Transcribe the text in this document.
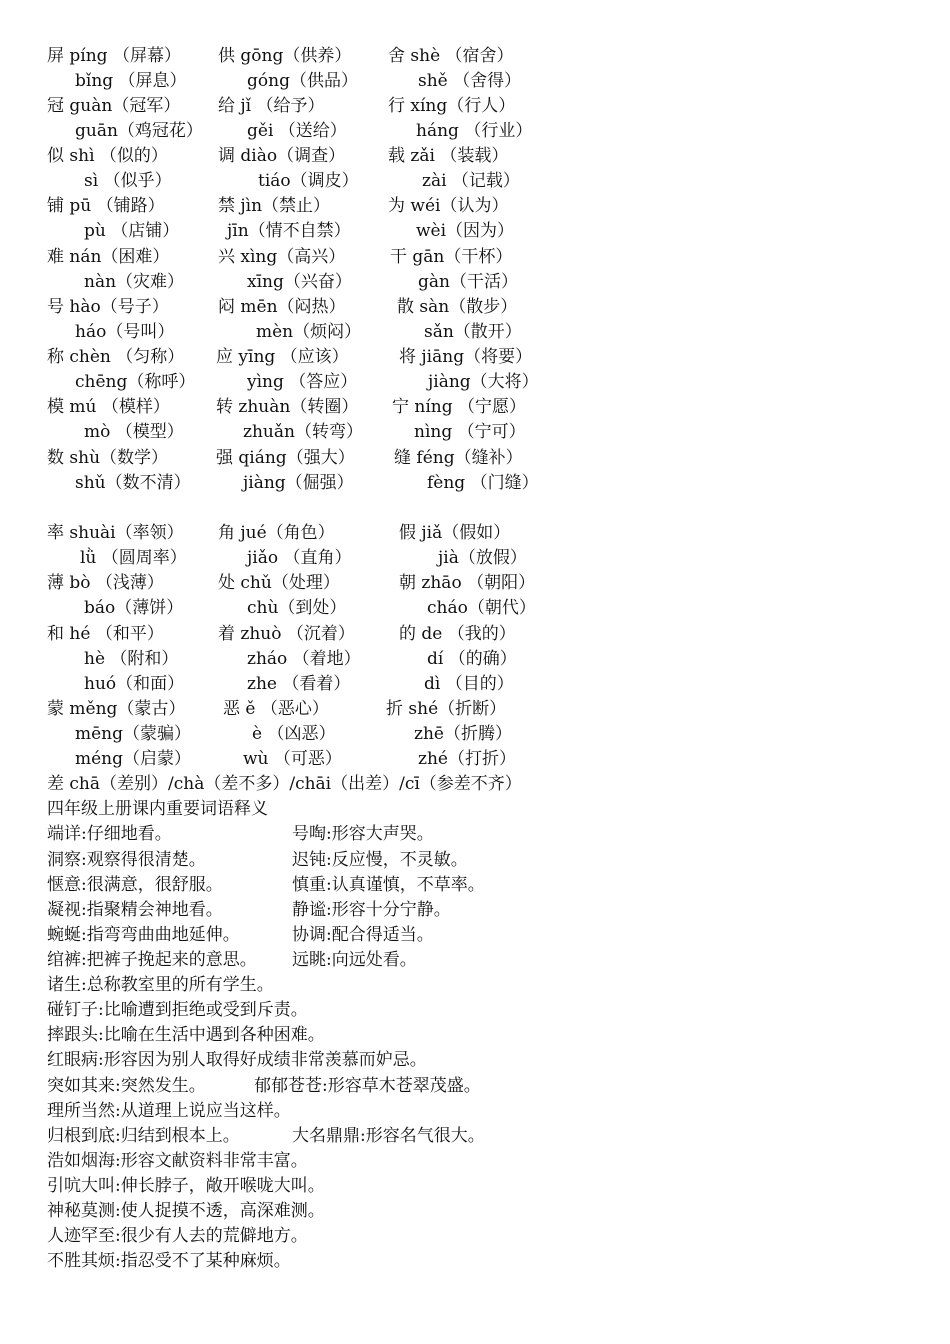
屏 píng （屏幕） 供 gōng（供养） 舍 shè （宿舍）
bǐng （屏息）	góng（供品）	shě （舍得）
冠 guàn（冠军） 给 jǐ （给予）	行 xíng（行人）
guān（鸡冠花）	gěi （送给）	háng （行业）
似 shì （似的）	调 diào（调查）	载 zǎi （装载）
sì （似乎）	tiáo（调皮）	zài （记载）
铺 pū （铺路）	禁 jìn（禁止）	为 wéi（认为）
pù （店铺）	jīn（情不自禁）	wèi（因为）
难 nán（困难）	兴 xìng（高兴）	干 gān（干杯）
nàn（灾难）	xīng（兴奋）	gàn（干活）
号 hào（号子）	闷 mēn（闷热）	散 sàn（散步）
háo（号叫）	mèn（烦闷）	sǎn（散开）
称 chèn （匀称） 应 yīng （应该）	将 jiāng（将要）
chēng（称呼）	yìng （答应）	jiàng（大将）
模 mú （模样）	转 zhuàn（转圈） 宁 níng （宁愿）
mò （模型）	zhuǎn（转弯）	nìng （宁可）
数 shù（数学）	强 qiáng（强大） 缝 féng（缝补）
shǔ（数不清）	jiàng（倔强）	fèng （门缝）
率 shuài（率领） 角 jué（角色）	假 jiǎ（假如）
lǜ （圆周率）	jiǎo （直角）	jià（放假）
薄 bò （浅薄）	处 chǔ（处理）	朝 zhāo （朝阳）
báo（薄饼）	chù（到处）	cháo（朝代）
和 hé （和平）	着 zhuò （沉着）	的 de （我的）
hè （附和）	zháo （着地）	dí （的确）
huó（和面）	zhe （看着）	dì （目的）
蒙 měng（蒙古） 恶 ě （恶心）	折 shé（折断）
mēng（蒙骗）	è （凶恶）	zhē（折腾）
méng（启蒙）	wù （可恶）	zhé（打折）
差 chā（差别）/chà（差不多）/chāi（出差）/cī（参差不齐）
四年级上册课内重要词语释义
端详:仔细地看。	号啕:形容大声哭。
洞察:观察得很清楚。	迟钝:反应慢，不灵敏。
惬意:很满意，很舒服。	慎重:认真谨慎，不草率。
凝视:指聚精会神地看。	静谧:形容十分宁静。
蜿蜒:指弯弯曲曲地延伸。	协调:配合得适当。
绾裤:把裤子挽起来的意思。 远眺:向远处看。
诸生:总称教室里的所有学生。
碰钉子:比喻遭到拒绝或受到斥责。
摔跟头:比喻在生活中遇到各种困难。
红眼病:形容因为别人取得好成绩非常羡慕而妒忌。
突如其来:突然发生。	郁郁苍苍:形容草木苍翠茂盛。
理所当然:从道理上说应当这样。
归根到底:归结到根本上。	大名鼎鼎:形容名气很大。
浩如烟海:形容文献资料非常丰富。
引吭大叫:伸长脖子，敞开喉咙大叫。
神秘莫测:使人捉摸不透，高深难测。
人迹罕至:很少有人去的荒僻地方。
不胜其烦:指忍受不了某种麻烦。
